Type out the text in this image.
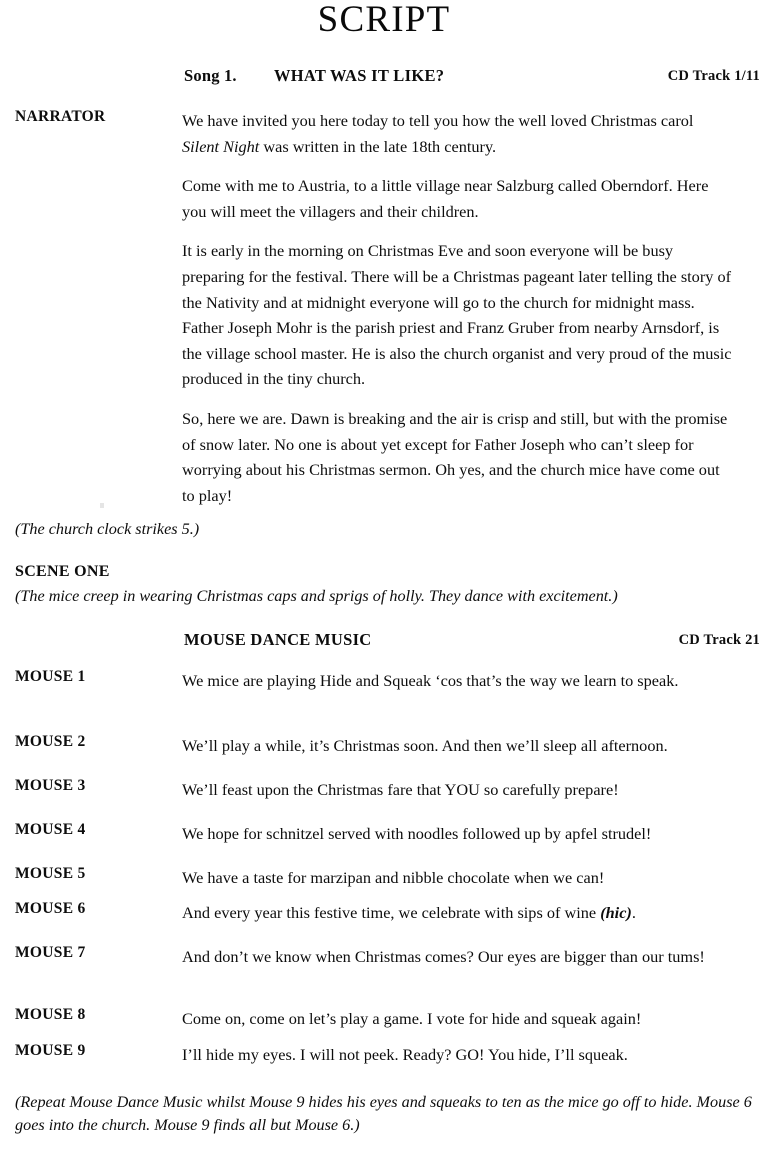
SCRIPT
Song 1. WHAT WAS IT LIKE?	CD Track 1/11
NARRATOR	We have invited you here today to tell you how the well loved Christmas carol Silent Night was written in the late 18th century.

Come with me to Austria, to a little village near Salzburg called Oberndorf. Here you will meet the villagers and their children.

It is early in the morning on Christmas Eve and soon everyone will be busy preparing for the festival. There will be a Christmas pageant later telling the story of the Nativity and at midnight everyone will go to the church for midnight mass. Father Joseph Mohr is the parish priest and Franz Gruber from nearby Arnsdorf, is the village school master. He is also the church organist and very proud of the music produced in the tiny church.

So, here we are. Dawn is breaking and the air is crisp and still, but with the promise of snow later. No one is about yet except for Father Joseph who can’t sleep for worrying about his Christmas sermon. Oh yes, and the church mice have come out to play!

(The church clock strikes 5.)
SCENE ONE
(The mice creep in wearing Christmas caps and sprigs of holly. They dance with excitement.)
MOUSE DANCE MUSIC	CD Track 21
MOUSE 1	We mice are playing Hide and Squeak ‘cos that’s the way we learn to speak.

MOUSE 2	We’ll play a while, it’s Christmas soon. And then we’ll sleep all afternoon.

MOUSE 3	We’ll feast upon the Christmas fare that YOU so carefully prepare!

MOUSE 4	We hope for schnitzel served with noodles followed up by apfel strudel!

MOUSE 5	We have a taste for marzipan and nibble chocolate when we can!

MOUSE 6	And every year this festive time, we celebrate with sips of wine (hic).

MOUSE 7	And don’t we know when Christmas comes? Our eyes are bigger than our tums!

MOUSE 8	Come on, come on let’s play a game. I vote for hide and squeak again!

MOUSE 9	I’ll hide my eyes. I will not peek. Ready? GO! You hide, I’ll squeak.

(Repeat Mouse Dance Music whilst Mouse 9 hides his eyes and squeaks to ten as the mice go off to hide. Mouse 6 goes into the church. Mouse 9 finds all but Mouse 6.)
